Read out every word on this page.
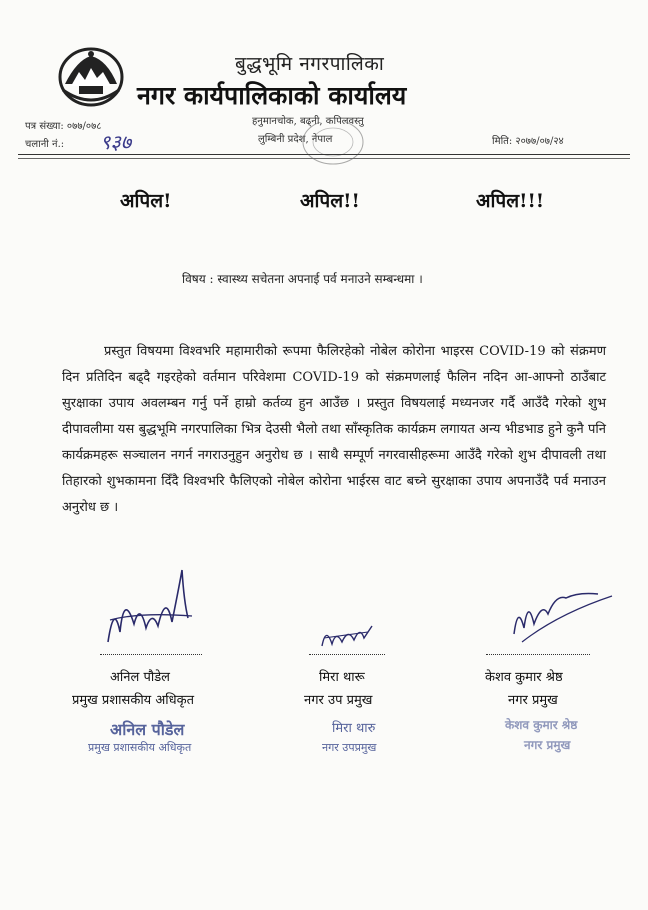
बुद्धभूमि नगरपालिका
नगर कार्यपालिकाको कार्यालय
हनुमानचोक, बढ्नी, कपिलवस्तु
लुम्बिनी प्रदेश, नेपाल
पत्र संख्या: ०७७/०७८
चलानी नं.: ९३७	मिति: २०७७/०७/२४
अपिल!	अपिल!!	अपिल!!!
विषय : स्वास्थ्य सचेतना अपनाई पर्व मनाउने सम्बन्धमा ।
प्रस्तुत विषयमा विश्वभरि महामारीको रूपमा फैलिरहेको नोबेल कोरोना भाइरस COVID-19 को संक्रमण दिन प्रतिदिन बढ्दै गइरहेको वर्तमान परिवेशमा COVID-19 को संक्रमणलाई फैलिन नदिन आ-आफ्नो ठाउँबाट सुरक्षाका उपाय अवलम्बन गर्नु पर्ने हाम्रो कर्तव्य हुन आउँछ । प्रस्तुत विषयलाई मध्यनजर गर्दै आउँदै गरेको शुभ दीपावलीमा यस बुद्धभूमि नगरपालिका भित्र देउसी भैलो तथा साँस्कृतिक कार्यक्रम लगायत अन्य भीडभाड हुने कुनै पनि कार्यक्रमहरू सञ्चालन नगर्न नगराउनुहुन अनुरोध छ । साथै सम्पूर्ण नगरवासीहरूमा आउँदै गरेको शुभ दीपावली तथा तिहारको शुभकामना दिँदै विश्वभरि फैलिएको नोबेल कोरोना भाईरस वाट बच्ने सुरक्षाका उपाय अपनाउँदै पर्व मनाउन अनुरोध छ ।
अनिल पौडेल
प्रमुख प्रशासकीय अधिकृत
मिरा थारू
नगर उप प्रमुख
केशव कुमार श्रेष्ठ
नगर प्रमुख
अनिल पौडेल
प्रमुख प्रशासकीय अधिकृत
मिरा थारु
नगर उपप्रमुख
केशव कुमार श्रेष्ठ
नगर प्रमुख
